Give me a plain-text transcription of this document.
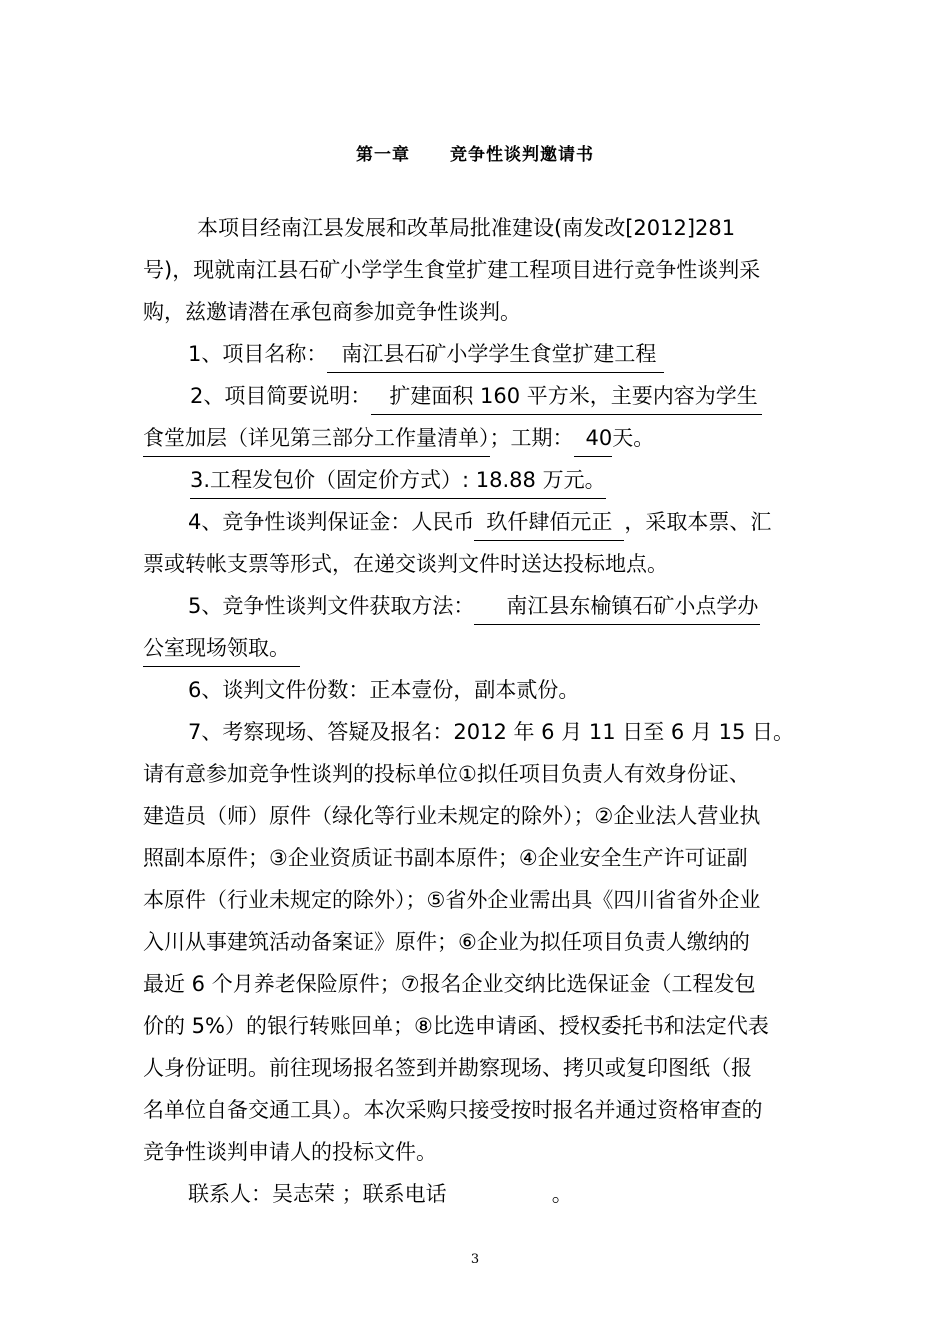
第一章 竞争性谈判邀请书
本项目经南江县发展和改革局批准建设(南发改[2012]281
号)，现就南江县石矿小学学生食堂扩建工程项目进行竞争性谈判采
购，兹邀请潜在承包商参加竞争性谈判。
1、项目名称： 南江县石矿小学学生食堂扩建工程
2、项目简要说明： 扩建面积 160 平方米，主要内容为学生
食堂加层（详见第三部分工作量清单）；工期： 40天。
3.工程发包价（固定价方式）: 18.88 万元。
4、竞争性谈判保证金：人民币 玖仟肆佰元正 ，采取本票、汇
票或转帐支票等形式，在递交谈判文件时送达投标地点。
5、竞争性谈判文件获取方法： 南江县东榆镇石矿小点学办
公室现场领取。
6、谈判文件份数：正本壹份，副本贰份。
7、考察现场、答疑及报名：2012 年 6 月 11 日至 6 月 15 日。
请有意参加竞争性谈判的投标单位①拟任项目负责人有效身份证、
建造员（师）原件（绿化等行业未规定的除外）；②企业法人营业执
照副本原件；③企业资质证书副本原件；④企业安全生产许可证副
本原件（行业未规定的除外）；⑤省外企业需出具《四川省省外企业
入川从事建筑活动备案证》原件；⑥企业为拟任项目负责人缴纳的
最近 6 个月养老保险原件；⑦报名企业交纳比选保证金（工程发包
价的 5%）的银行转账回单；⑧比选申请函、授权委托书和法定代表
人身份证明。前往现场报名签到并勘察现场、拷贝或复印图纸（报
名单位自备交通工具）。本次采购只接受按时报名并通过资格审查的
竞争性谈判申请人的投标文件。
联系人：吴志荣 ；联系电话	。
3
